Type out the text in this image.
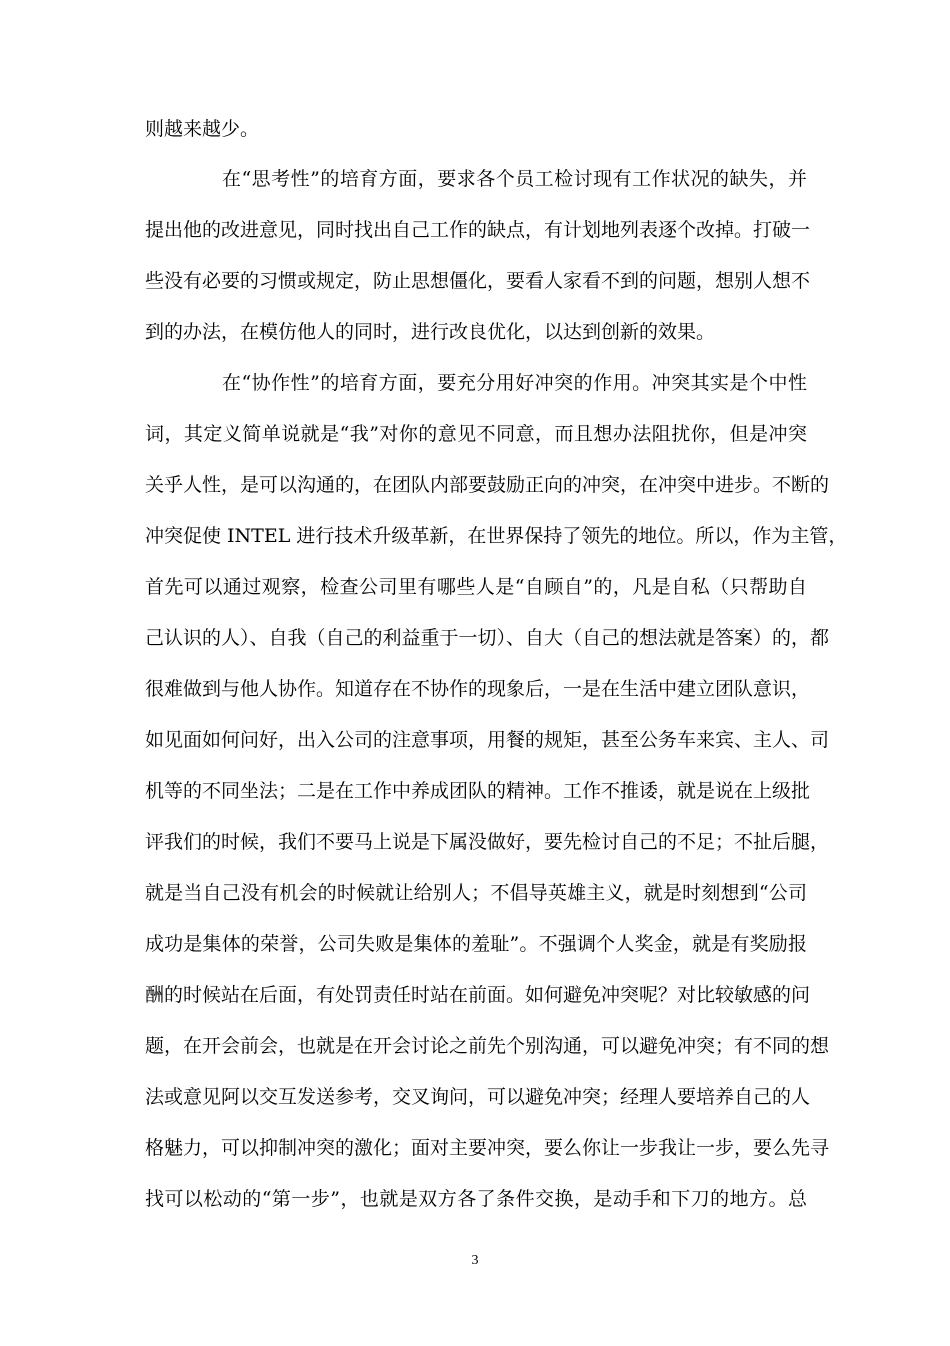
则越来越少。
在“思考性”的培育方面，要求各个员工检讨现有工作状况的缺失，并
提出他的改进意见，同时找出自己工作的缺点，有计划地列表逐个改掉。打破一
些没有必要的习惯或规定，防止思想僵化，要看人家看不到的问题，想别人想不
到的办法，在模仿他人的同时，进行改良优化，以达到创新的效果。
在“协作性”的培育方面，要充分用好冲突的作用。冲突其实是个中性
词，其定义简单说就是“我”对你的意见不同意，而且想办法阻扰你，但是冲突
关乎人性，是可以沟通的，在团队内部要鼓励正向的冲突，在冲突中进步。不断的
冲突促使 INTEL 进行技术升级革新，在世界保持了领先的地位。所以，作为主管，
首先可以通过观察，检查公司里有哪些人是“自顾自”的，凡是自私（只帮助自
己认识的人）、自我（自己的利益重于一切）、自大（自己的想法就是答案）的，都
很难做到与他人协作。知道存在不协作的现象后，一是在生活中建立团队意识，
如见面如何问好，出入公司的注意事项，用餐的规矩，甚至公务车来宾、主人、司
机等的不同坐法；二是在工作中养成团队的精神。工作不推诿，就是说在上级批
评我们的时候，我们不要马上说是下属没做好，要先检讨自己的不足；不扯后腿，
就是当自己没有机会的时候就让给别人；不倡导英雄主义，就是时刻想到“公司
成功是集体的荣誉，公司失败是集体的羞耻”。不强调个人奖金，就是有奖励报
酬的时候站在后面，有处罚责任时站在前面。如何避免冲突呢？对比较敏感的问
题，在开会前会，也就是在开会讨论之前先个别沟通，可以避免冲突；有不同的想
法或意见阿以交互发送参考，交叉询问，可以避免冲突；经理人要培养自己的人
格魅力，可以抑制冲突的激化；面对主要冲突，要么你让一步我让一步，要么先寻
找可以松动的“第一步”，也就是双方各了条件交换，是动手和下刀的地方。总
3
